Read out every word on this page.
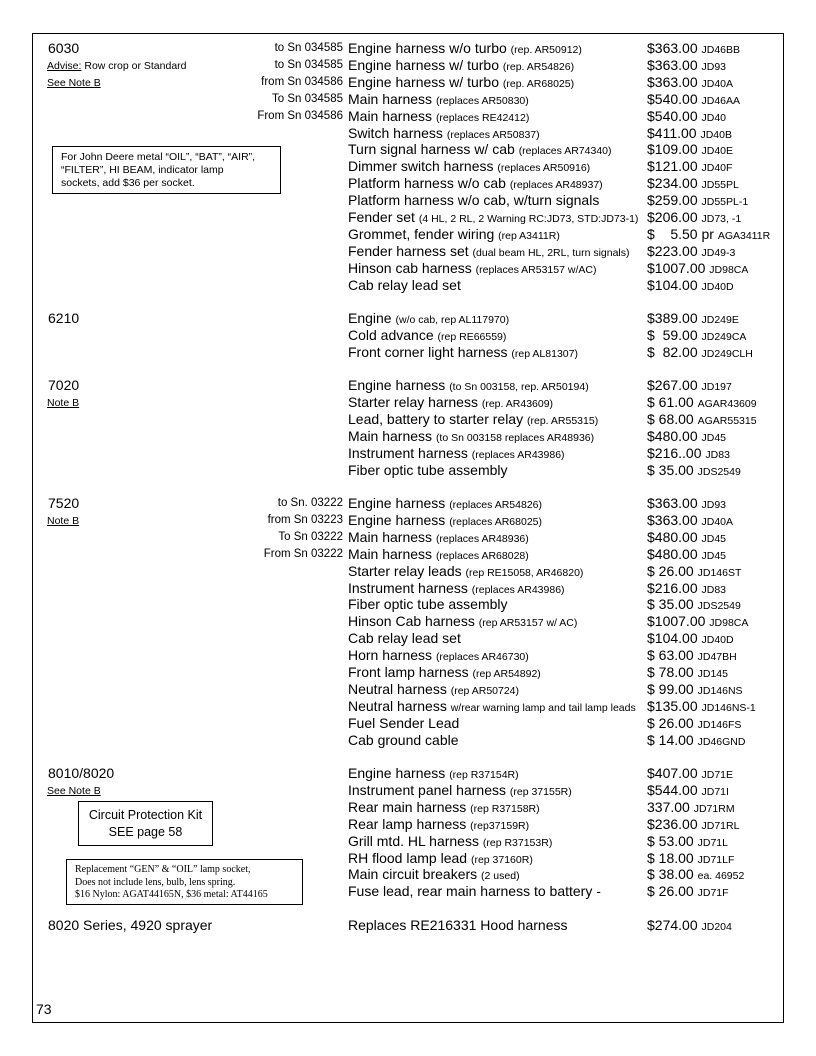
6030
Advise: Row crop or Standard
See Note B
to Sn 034585 Engine harness w/o turbo (rep. AR50912)	$363.00 JD46BB
to Sn 034585 Engine harness w/ turbo (rep. AR54826)	$363.00 JD93
from Sn 034586 Engine harness w/ turbo (rep. AR68025)	$363.00 JD40A
To Sn 034585 Main harness (replaces AR50830)	$540.00 JD46AA
From Sn 034586 Main harness (replaces RE42412)	$540.00 JD40
Switch harness (replaces AR50837)	$411.00 JD40B
Turn signal harness w/ cab (replaces AR74340)	$109.00 JD40E
Dimmer switch harness (replaces AR50916)	$121.00 JD40F
Platform harness w/o cab (replaces AR48937)	$234.00 JD55PL
Platform harness w/o cab, w/turn signals	$259.00 JD55PL-1
Fender set (4 HL, 2 RL, 2 Warning RC:JD73, STD:JD73-1) $206.00 JD73, -1
Grommet, fender wiring (rep A3411R)	$    5.50 pr AGA3411R
Fender harness set (dual beam HL, 2RL, turn signals) $223.00 JD49-3
Hinson cab harness (replaces AR53157 w/AC)	$1007.00 JD98CA
Cab relay lead set	$104.00 JD40D
6210	Engine (w/o cab, rep AL117970)	$389.00 JD249E
Cold advance (rep RE66559)	$  59.00 JD249CA
Front corner light harness (rep AL81307)	$  82.00 JD249CLH
7020
Note B
Engine harness (to Sn 003158, rep. AR50194)	$267.00 JD197
Starter relay harness (rep. AR43609)	$ 61.00 AGAR43609
Lead, battery to starter relay (rep. AR55315)	$ 68.00 AGAR55315
Main harness (to Sn 003158 replaces AR48936)	$480.00 JD45
Instrument harness (replaces AR43986)	$216..00 JD83
Fiber optic tube assembly	$ 35.00 JDS2549
7520
Note B
to Sn. 03222 Engine harness (replaces AR54826)	$363.00 JD93
from Sn 03223 Engine harness (replaces AR68025)	$363.00 JD40A
To Sn 03222 Main harness (replaces AR48936)	$480.00 JD45
From Sn 03222 Main harness (replaces AR68028)	$480.00 JD45
Starter relay leads (rep RE15058, AR46820)	$ 26.00 JD146ST
Instrument harness (replaces AR43986)	$216.00 JD83
Fiber optic tube assembly	$ 35.00 JDS2549
Hinson Cab harness (rep AR53157 w/ AC)	$1007.00 JD98CA
Cab relay lead set	$104.00 JD40D
Horn harness (replaces AR46730)	$ 63.00 JD47BH
Front lamp harness (rep AR54892)	$ 78.00 JD145
Neutral harness (rep AR50724)	$ 99.00 JD146NS
Neutral harness w/rear warning lamp and tail lamp leads $135.00 JD146NS-1
Fuel Sender Lead	$ 26.00 JD146FS
Cab ground cable	$ 14.00 JD46GND
8010/8020
See Note B
Engine harness (rep R37154R)	$407.00 JD71E
Instrument panel harness (rep 37155R)	$544.00 JD71I
Rear main harness (rep R37158R)	337.00 JD71RM
Rear lamp harness (rep37159R)	$236.00 JD71RL
Grill mtd. HL harness (rep R37153R)	$ 53.00 JD71L
RH flood lamp lead (rep 37160R)	$ 18.00 JD71LF
Main circuit breakers (2 used)	$ 38.00 ea. 46952
Fuse lead, rear main harness to battery -	$ 26.00 JD71F
8020 Series, 4920 sprayer	Replaces RE216331 Hood harness	$274.00 JD204
For John Deere metal “OIL”, “BAT”, “AIR”,
“FILTER”, HI BEAM, indicator lamp
sockets, add $36 per socket.
Circuit Protection Kit
SEE page 58
Replacement “GEN” & “OIL” lamp socket,
Does not include lens, bulb, lens spring.
$16 Nylon: AGAT44165N, $36 metal: AT44165
73
